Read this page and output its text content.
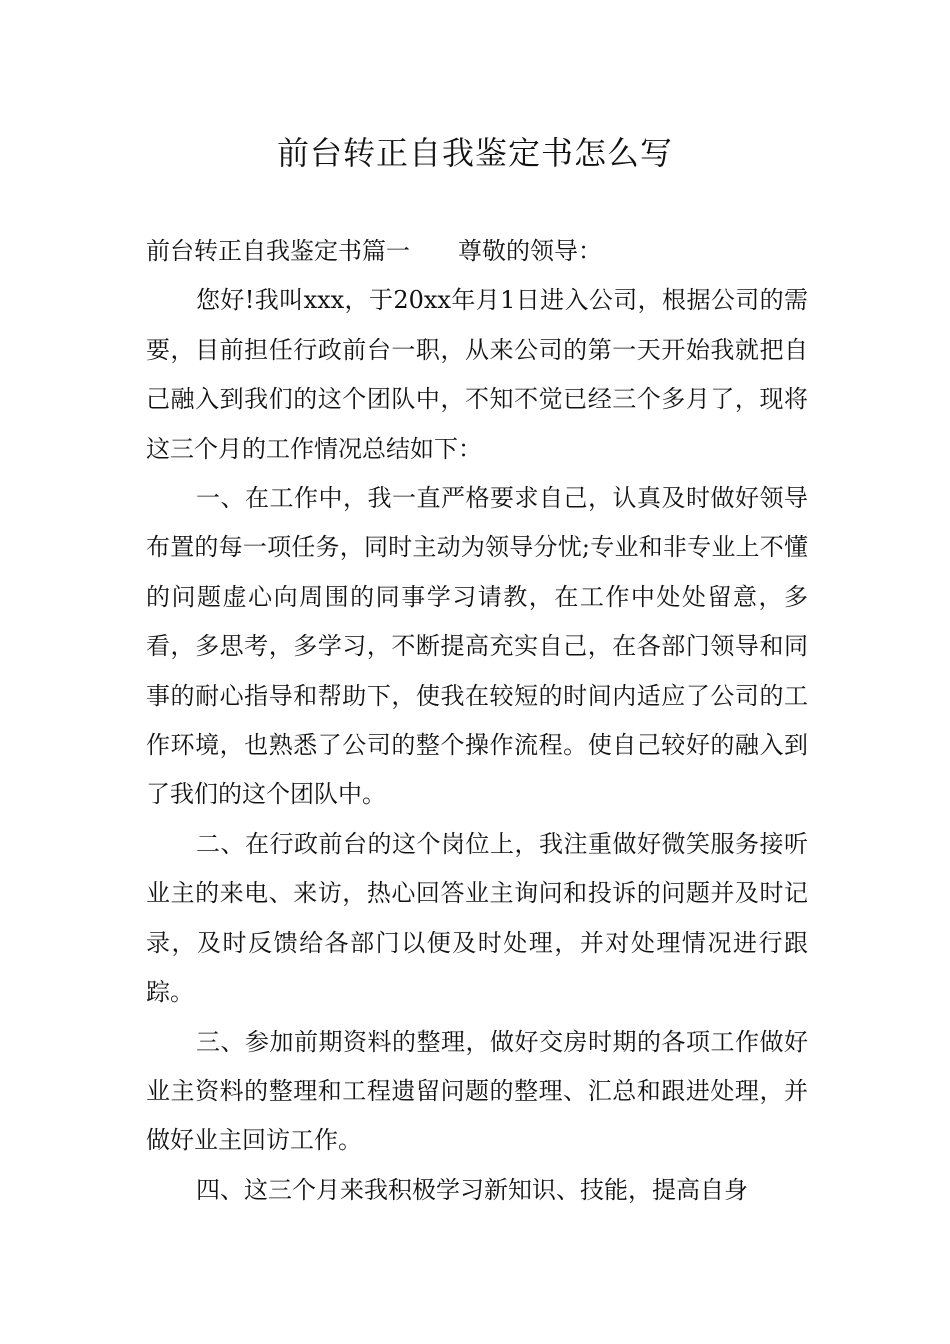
前台转正自我鉴定书怎么写

前台转正自我鉴定书篇一 尊敬的领导：

您好!我叫xxx，于20xx年月1日进入公司，根据公司的需要，目前担任行政前台一职，从来公司的第一天开始我就把自己融入到我们的这个团队中，不知不觉已经三个多月了，现将这三个月的工作情况总结如下：

一、在工作中，我一直严格要求自己，认真及时做好领导布置的每一项任务，同时主动为领导分忧;专业和非专业上不懂的问题虚心向周围的同事学习请教，在工作中处处留意，多看，多思考，多学习，不断提高充实自己，在各部门领导和同事的耐心指导和帮助下，使我在较短的时间内适应了公司的工作环境，也熟悉了公司的整个操作流程。使自己较好的融入到了我们的这个团队中。

二、在行政前台的这个岗位上，我注重做好微笑服务接听业主的来电、来访，热心回答业主询问和投诉的问题并及时记录，及时反馈给各部门以便及时处理，并对处理情况进行跟踪。

三、参加前期资料的整理，做好交房时期的各项工作做好业主资料的整理和工程遗留问题的整理、汇总和跟进处理，并做好业主回访工作。

四、这三个月来我积极学习新知识、技能，提高自身
